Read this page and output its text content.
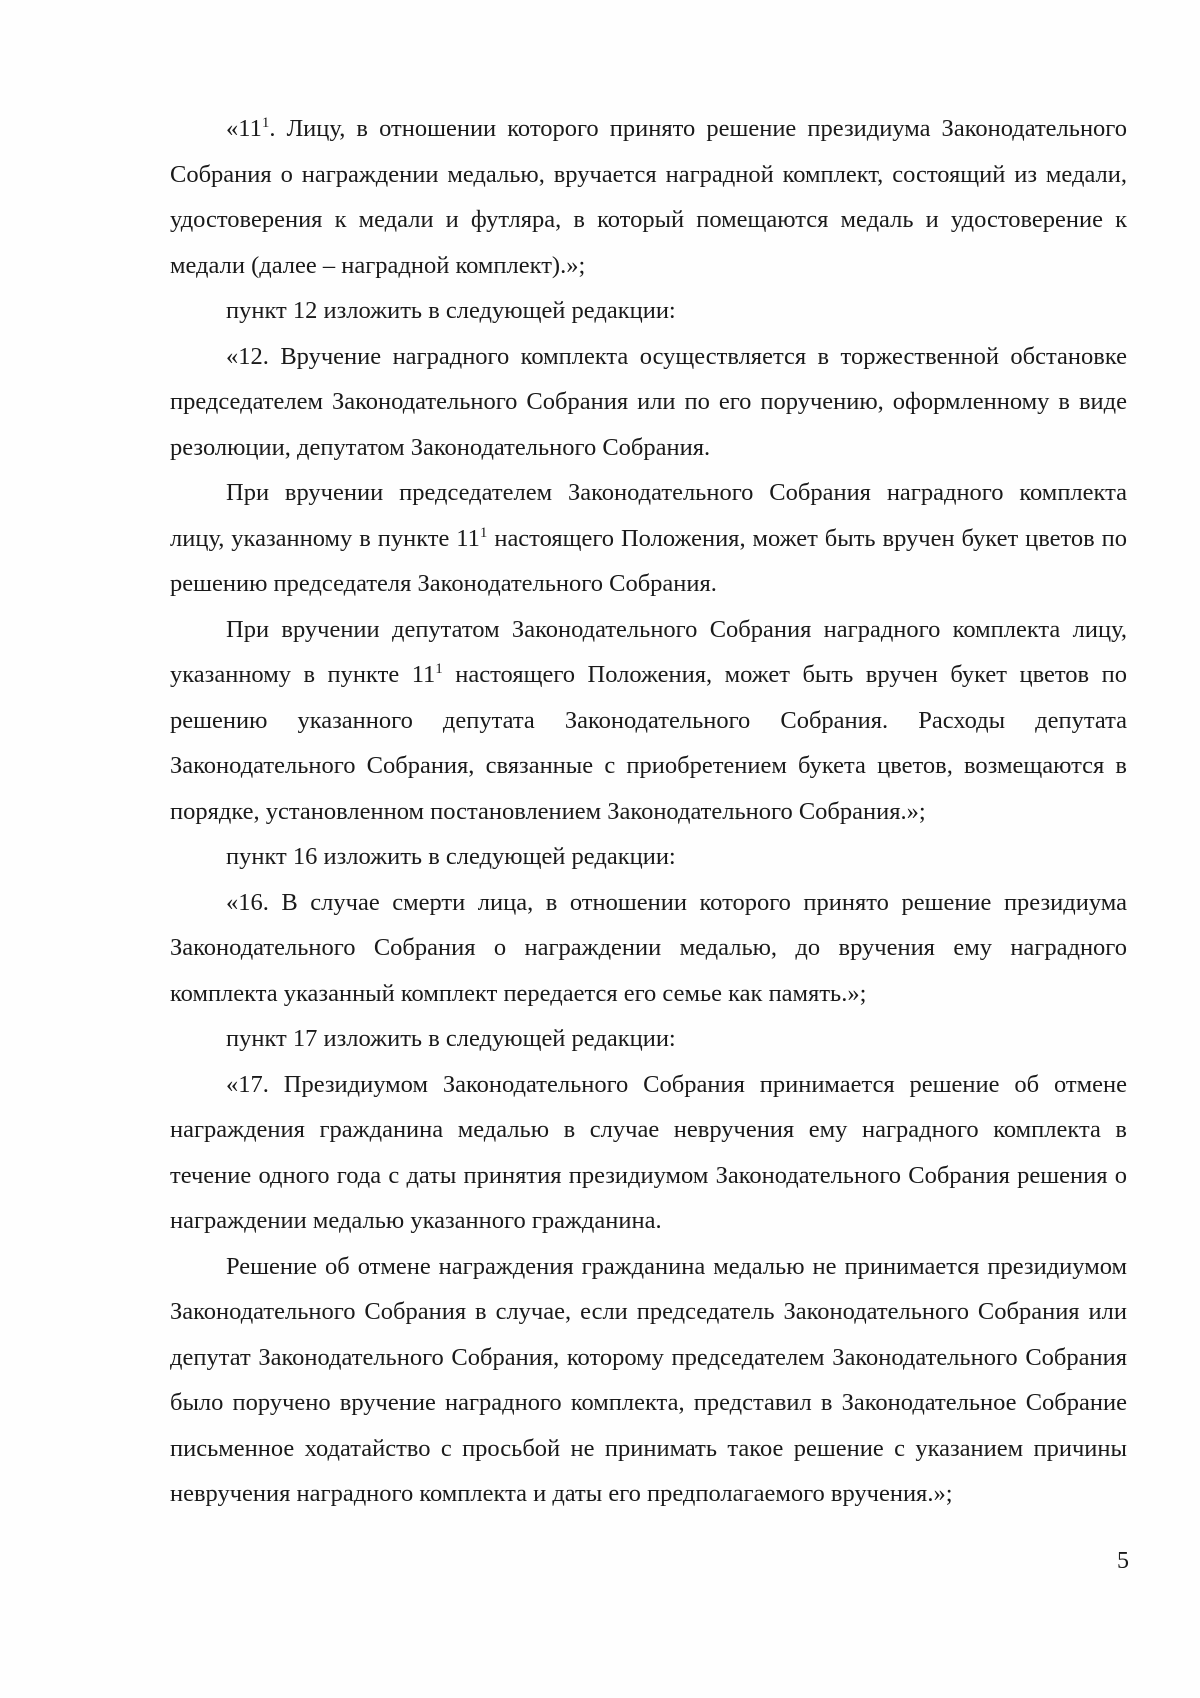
«$11^1$. Лицу, в отношении которого принято решение президиума Законодательного Собрания о награждении медалью, вручается наградной комплект, состоящий из медали, удостоверения к медали и футляра, в который помещаются медаль и удостоверение к медали (далее – наградной комплект).»;

пункт 12 изложить в следующей редакции:

«12. Вручение наградного комплекта осуществляется в торжественной обстановке председателем Законодательного Собрания или по его поручению, оформленному в виде резолюции, депутатом Законодательного Собрания.

При вручении председателем Законодательного Собрания наградного комплекта лицу, указанному в пункте $11^1$ настоящего Положения, может быть вручен букет цветов по решению председателя Законодательного Собрания.

При вручении депутатом Законодательного Собрания наградного комплекта лицу, указанному в пункте $11^1$ настоящего Положения, может быть вручен букет цветов по решению указанного депутата Законодательного Собрания. Расходы депутата Законодательного Собрания, связанные с приобретением букета цветов, возмещаются в порядке, установленном постановлением Законодательного Собрания.»;

пункт 16 изложить в следующей редакции:

«16. В случае смерти лица, в отношении которого принято решение президиума Законодательного Собрания о награждении медалью, до вручения ему наградного комплекта указанный комплект передается его семье как память.»;

пункт 17 изложить в следующей редакции:

«17. Президиумом Законодательного Собрания принимается решение об отмене награждения гражданина медалью в случае невручения ему наградного комплекта в течение одного года с даты принятия президиумом Законодательного Собрания решения о награждении медалью указанного гражданина.

Решение об отмене награждения гражданина медалью не принимается президиумом Законодательного Собрания в случае, если председатель Законодательного Собрания или депутат Законодательного Собрания, которому председателем Законодательного Собрания было поручено вручение наградного комплекта, представил в Законодательное Собрание письменное ходатайство с просьбой не принимать такое решение с указанием причины невручения наградного комплекта и даты его предполагаемого вручения.»;

5
